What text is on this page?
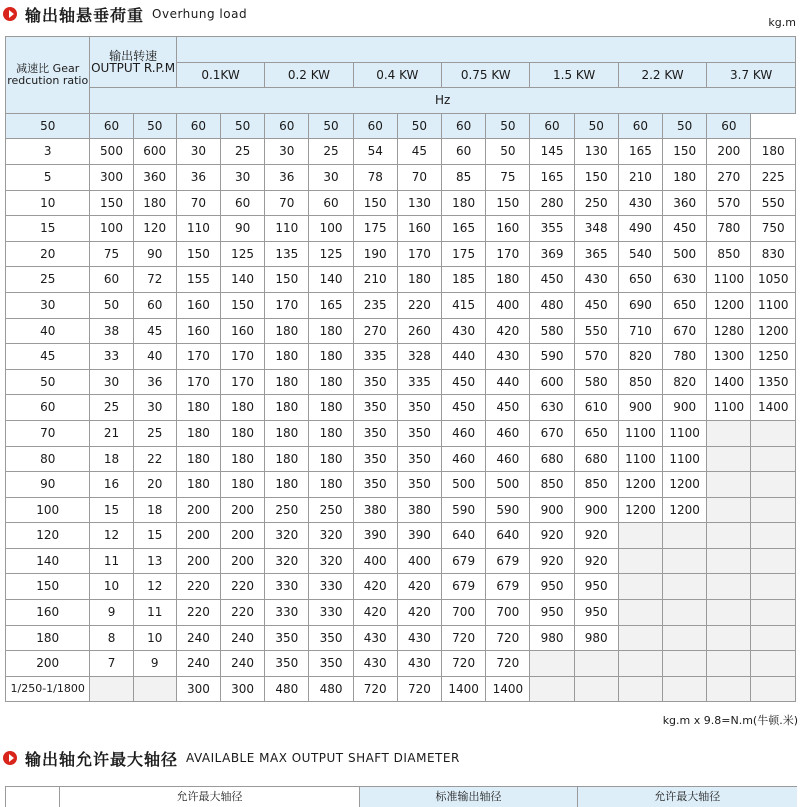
输出轴悬垂荷重 Overhung load
kg.m
减速比 Gear redcution ratio	输出转速 OUTPUT R.P.M															
			0.1KW		0.2 KW		0.4 KW		0.75 KW		1.5 KW		2.2 KW		3.7 KW	
	Hz															
50	60	50	60	50	60	50	60	50	60	50	60	50	60	50	60	
3	500	600	30	25	30	25	54	45	60	50	145	130	165	150	200	180
5	300	360	36	30	36	30	78	70	85	75	165	150	210	180	270	225
10	150	180	70	60	70	60	150	130	180	150	280	250	430	360	570	550
15	100	120	110	90	110	100	175	160	165	160	355	348	490	450	780	750
20	75	90	150	125	135	125	190	170	175	170	369	365	540	500	850	830
25	60	72	155	140	150	140	210	180	185	180	450	430	650	630	1100	1050
30	50	60	160	150	170	165	235	220	415	400	480	450	690	650	1200	1100
40	38	45	160	160	180	180	270	260	430	420	580	550	710	670	1280	1200
45	33	40	170	170	180	180	335	328	440	430	590	570	820	780	1300	1250
50	30	36	170	170	180	180	350	335	450	440	600	580	850	820	1400	1350
60	25	30	180	180	180	180	350	350	450	450	630	610	900	900	1100	1400
70	21	25	180	180	180	180	350	350	460	460	670	650	1100	1100		
80	18	22	180	180	180	180	350	350	460	460	680	680	1100	1100		
90	16	20	180	180	180	180	350	350	500	500	850	850	1200	1200		
100	15	18	200	200	250	250	380	380	590	590	900	900	1200	1200		
120	12	15	200	200	320	320	390	390	640	640	920	920				
140	11	13	200	200	320	320	400	400	679	679	920	920				
150	10	12	220	220	330	330	420	420	679	679	950	950				
160	9	11	220	220	330	330	420	420	700	700	950	950				
180	8	10	240	240	350	350	430	430	720	720	980	980				
200	7	9	240	240	350	350	430	430	720	720						
1/250-1/1800			300	300	480	480	720	720	1400	1400						
kg.m x 9.8=N.m(牛顿.米)
输出轴允许最大轴径 AVAILABLE MAX OUTPUT SHAFT DIAMETER
	允许最大轴径	标准输出轴径	允许最大轴径
